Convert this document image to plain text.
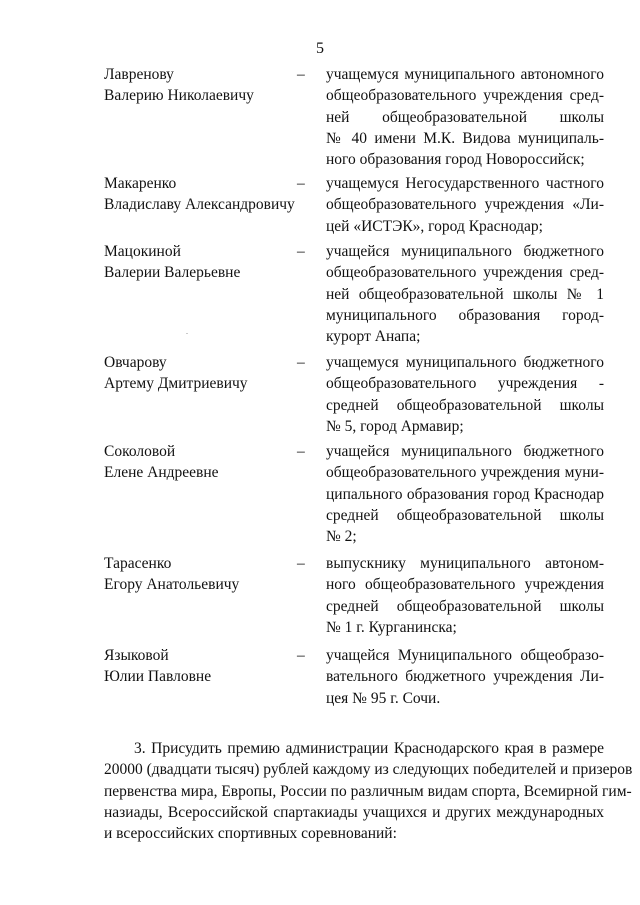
5
Лавренову
Валерию Николаевичу
– учащемуся муниципального автономного
общеобразовательного учреждения сред-
ней общеобразовательной школы
№ 40 имени М.К. Видова муниципаль-
ного образования город Новороссийск;
Макаренко
Владиславу Александровичу
– учащемуся Негосударственного частного
общеобразовательного учреждения «Ли-
цей «ИСТЭК», город Краснодар;
Мацокиной
Валерии Валерьевне
– учащейся муниципального бюджетного
общеобразовательного учреждения сред-
ней общеобразовательной школы № 1
муниципального образования город-
курорт Анапа;
.
Овчарову
Артему Дмитриевичу
– учащемуся муниципального бюджетного
общеобразовательного учреждения -
средней общеобразовательной школы
№ 5, город Армавир;
Соколовой
Елене Андреевне
– учащейся муниципального бюджетного
общеобразовательного учреждения муни-
ципального образования город Краснодар
средней общеобразовательной школы
№ 2;
Тарасенко
Егору Анатольевичу
– выпускнику муниципального автоном-
ного общеобразовательного учреждения
средней общеобразовательной школы
№ 1 г. Курганинска;
Языковой
Юлии Павловне
– учащейся Муниципального общеобразо-
вательного бюджетного учреждения Ли-
цея № 95 г. Сочи.
3. Присудить премию администрации Краснодарского края в размере
20000 (двадцати тысяч) рублей каждому из следующих победителей и призеров
первенства мира, Европы, России по различным видам спорта, Всемирной гим-
назиады, Всероссийской спартакиады учащихся и других международных
и всероссийских спортивных соревнований:
